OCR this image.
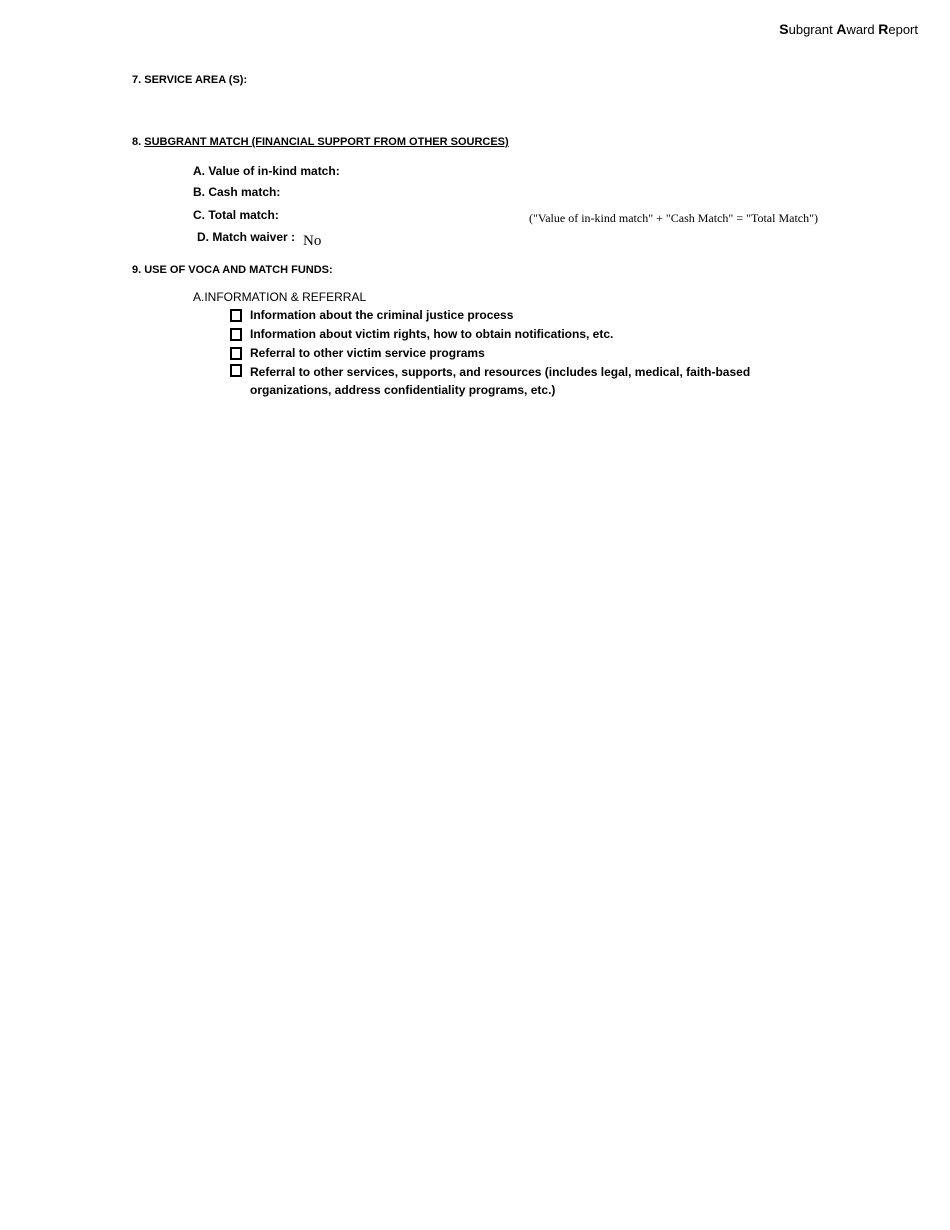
Subgrant Award Report
7. SERVICE AREA (S):
8. SUBGRANT MATCH (FINANCIAL SUPPORT FROM OTHER SOURCES)
A. Value of in-kind match:
B. Cash match:
C. Total match:	("Value of in-kind match" + "Cash Match" = "Total Match")
D. Match waiver : No
9. USE OF VOCA AND MATCH FUNDS:
A.INFORMATION & REFERRAL
Information about the criminal justice process
Information about victim rights, how to obtain notifications, etc.
Referral to other victim service programs
Referral to other services, supports, and resources (includes legal, medical, faith-based organizations, address confidentiality programs, etc.)
